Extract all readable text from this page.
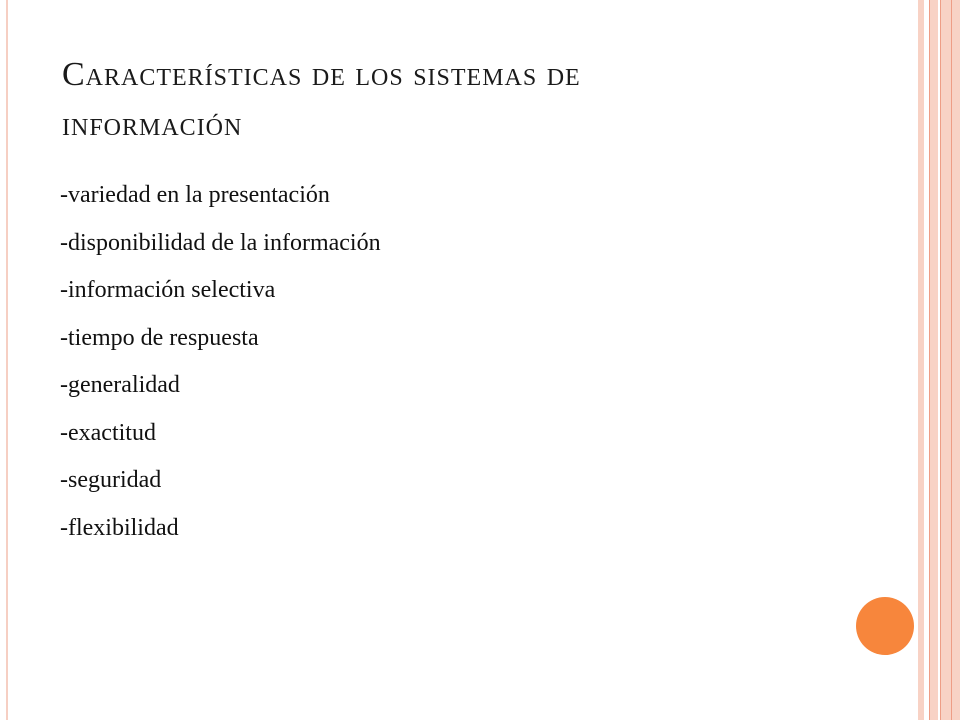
Características de los sistemas de
información
-variedad en la presentación
-disponibilidad de la información
-información selectiva
-tiempo de respuesta
-generalidad
-exactitud
-seguridad
-flexibilidad
